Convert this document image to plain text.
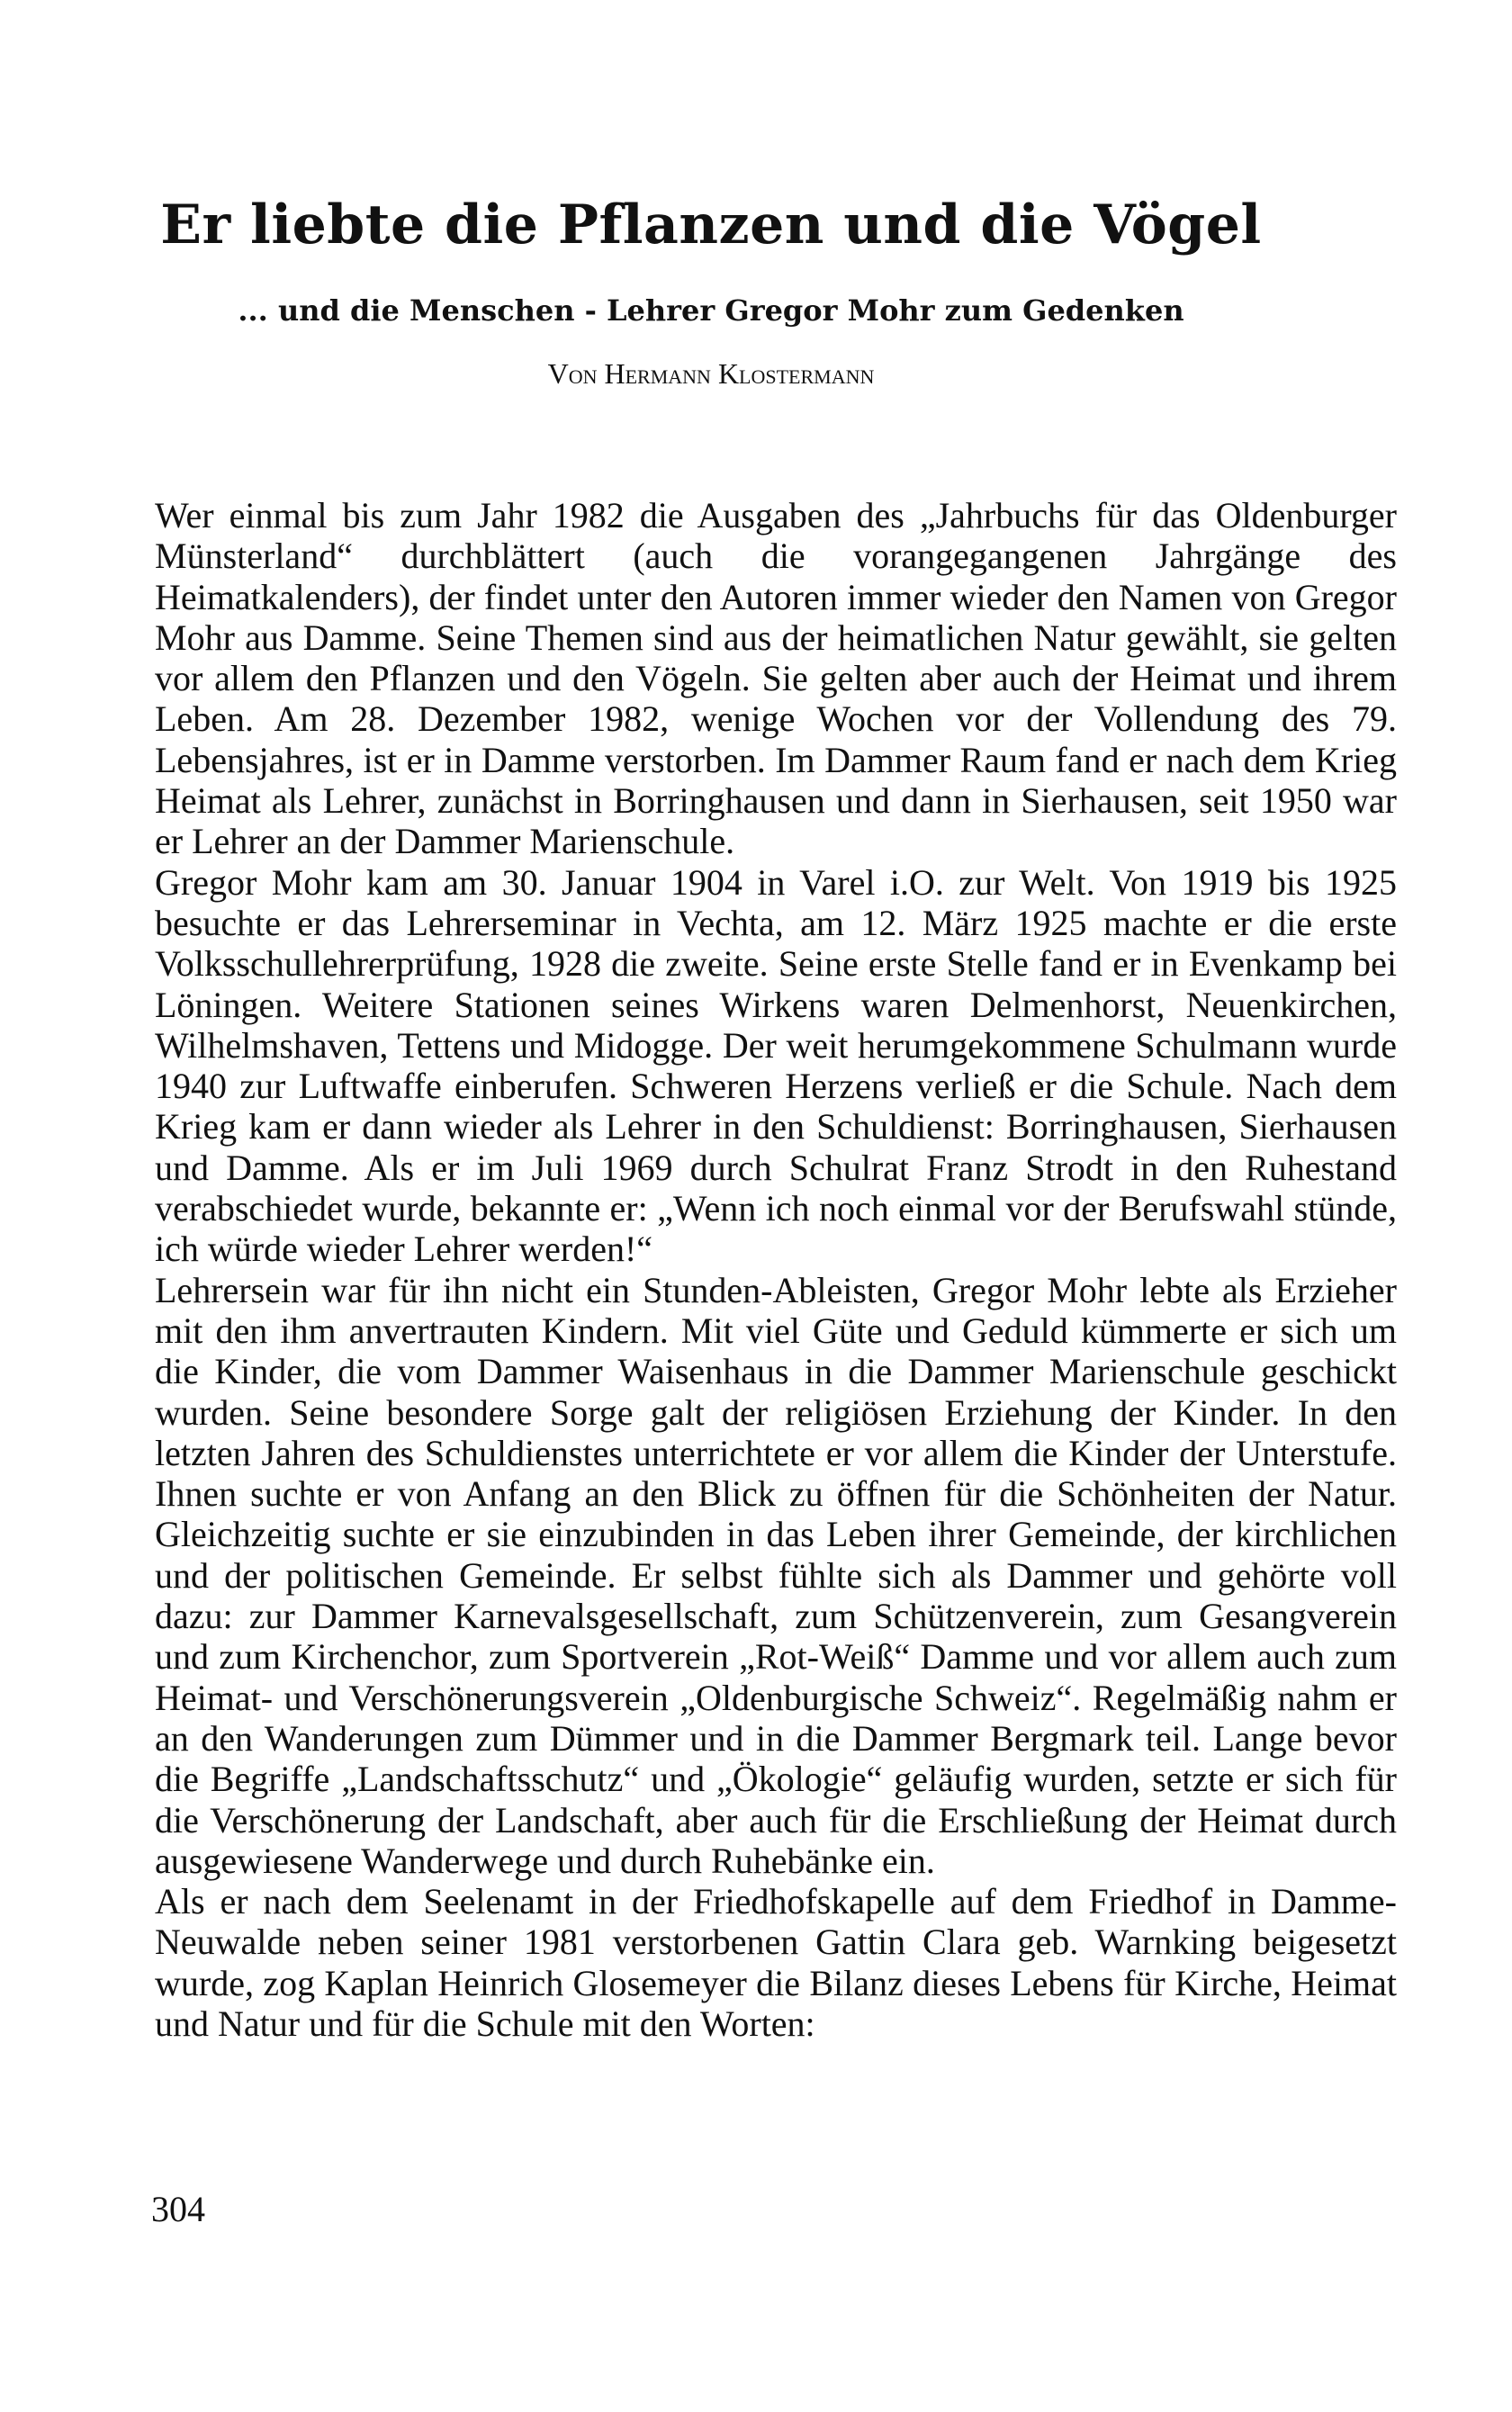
Er liebte die Pflanzen und die Vögel
... und die Menschen - Lehrer Gregor Mohr zum Gedenken
Von Hermann Klostermann

Wer einmal bis zum Jahr 1982 die Ausgaben des „Jahrbuchs für das Oldenburger Münsterland“ durchblättert (auch die vorangegangenen Jahrgänge des Heimatkalenders), der findet unter den Autoren immer wieder den Namen von Gregor Mohr aus Damme. Seine Themen sind aus der heimatlichen Natur gewählt, sie gelten vor allem den Pflanzen und den Vögeln. Sie gelten aber auch der Heimat und ihrem Leben. Am 28. Dezember 1982, wenige Wochen vor der Vollendung des 79. Lebensjahres, ist er in Damme verstorben. Im Dammer Raum fand er nach dem Krieg Heimat als Lehrer, zunächst in Borringhausen und dann in Sierhausen, seit 1950 war er Lehrer an der Dammer Marienschule.

Gregor Mohr kam am 30. Januar 1904 in Varel i.O. zur Welt. Von 1919 bis 1925 besuchte er das Lehrerseminar in Vechta, am 12. März 1925 machte er die erste Volksschullehrerprüfung, 1928 die zweite. Seine erste Stelle fand er in Evenkamp bei Löningen. Weitere Stationen seines Wirkens waren Delmenhorst, Neuenkirchen, Wilhelmshaven, Tettens und Midogge. Der weit herumgekommene Schulmann wurde 1940 zur Luftwaffe einberufen. Schweren Herzens verließ er die Schule. Nach dem Krieg kam er dann wieder als Lehrer in den Schuldienst: Borringhausen, Sierhausen und Damme. Als er im Juli 1969 durch Schulrat Franz Strodt in den Ruhestand verabschiedet wurde, bekannte er: „Wenn ich noch einmal vor der Berufswahl stünde, ich würde wieder Lehrer werden!“

Lehrersein war für ihn nicht ein Stunden-Ableisten, Gregor Mohr lebte als Erzieher mit den ihm anvertrauten Kindern. Mit viel Güte und Geduld kümmerte er sich um die Kinder, die vom Dammer Waisenhaus in die Dammer Marienschule geschickt wurden. Seine besondere Sorge galt der religiösen Erziehung der Kinder. In den letzten Jahren des Schuldienstes unterrichtete er vor allem die Kinder der Unterstufe. Ihnen suchte er von Anfang an den Blick zu öffnen für die Schönheiten der Natur. Gleichzeitig suchte er sie einzubinden in das Leben ihrer Gemeinde, der kirchlichen und der politischen Gemeinde. Er selbst fühlte sich als Dammer und gehörte voll dazu: zur Dammer Karnevalsgesellschaft, zum Schützenverein, zum Gesangverein und zum Kirchenchor, zum Sportverein „Rot-Weiß“ Damme und vor allem auch zum Heimat- und Verschönerungsverein „Oldenburgische Schweiz“. Regelmäßig nahm er an den Wanderungen zum Dümmer und in die Dammer Bergmark teil. Lange bevor die Begriffe „Landschaftsschutz“ und „Ökologie“ geläufig wurden, setzte er sich für die Verschönerung der Landschaft, aber auch für die Erschließung der Heimat durch ausgewiesene Wanderwege und durch Ruhebänke ein.

Als er nach dem Seelenamt in der Friedhofskapelle auf dem Friedhof in Damme-Neuwalde neben seiner 1981 verstorbenen Gattin Clara geb. Warnking beigesetzt wurde, zog Kaplan Heinrich Glosemeyer die Bilanz dieses Lebens für Kirche, Heimat und Natur und für die Schule mit den Worten:

304
